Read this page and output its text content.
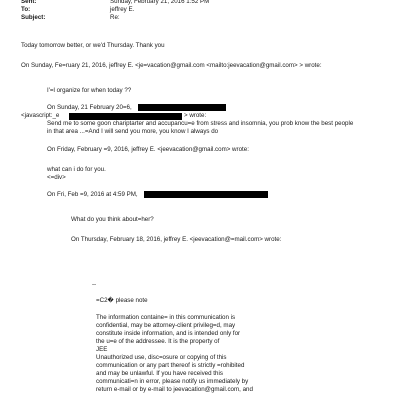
Sent:	Sunday, February 21, 2016 1:52 PM
To:	jeffrey E.
Subject:	Re:
Today tomorrow better, or we'd Thursday. Thank you
On Sunday, Fe=ruary 21, 2016, jeffrey E. <je=vacation@gmail.com <mailto:jeevacation@gmail.com> > wrote:
I'=l organize for when today ??
On Sunday, 21 February 20=6,
<javascript:_e	> wrote:
Send me to some goon chariptarter and accupancu=e from stress and insomnia, you prob know the best people
in that area ...=And I will send you more, you know I always do
On Friday, February =9, 2016, jeffrey E. <jeevacation@gmail.com> wrote:
what can i do for you.
<=div>
On Fri, Feb =9, 2016 at 4:59 PM,
What do you think about=her?
On Thursday, February 18, 2016, jeffrey E. <jeevacation@=mail.com> wrote:
--
=C2� please note
The information containe= in this communication is
confidential, may be attorney-client privileg=d, may
constitute inside information, and is intended only for
the u=e of the addressee. It is the property of
JEE
Unauthorized use, disc=osure or copying of this
communication or any part thereof is strictly =rohibited
and may be unlawful. If you have received this
communicati=n in error, please notify us immediately by
return e-mail or by e-mail to jeevacation@gmail.com, and
